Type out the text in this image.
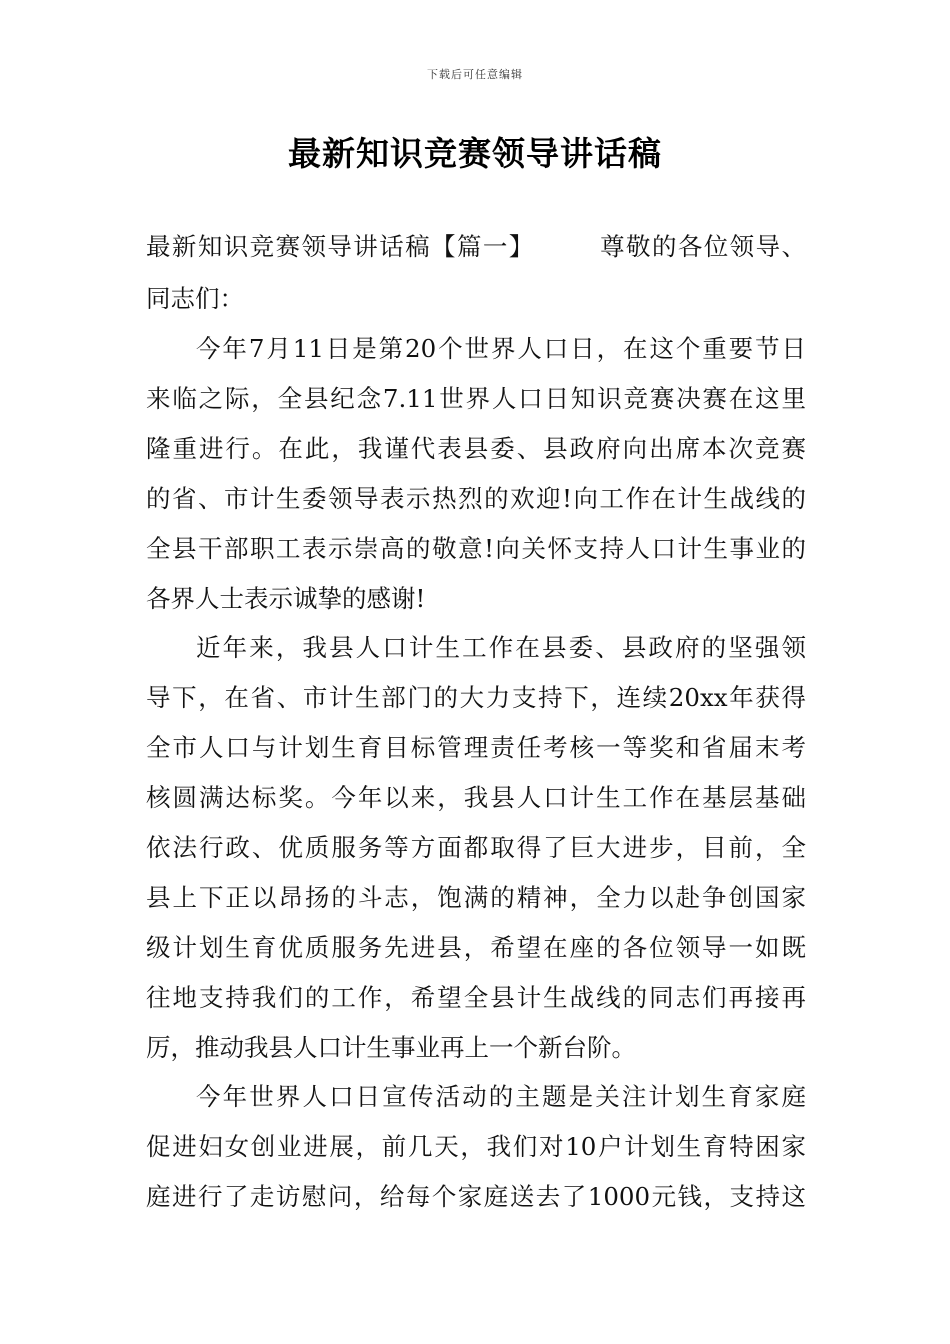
下载后可任意编辑
最新知识竞赛领导讲话稿
最新知识竞赛领导讲话稿【篇一】	尊敬的各位领导、
同志们：
今年7月11日是第20个世界人口日，在这个重要节日
来临之际，全县纪念7.11世界人口日知识竞赛决赛在这里
隆重进行。在此，我谨代表县委、县政府向出席本次竞赛
的省、市计生委领导表示热烈的欢迎!向工作在计生战线的
全县干部职工表示崇高的敬意!向关怀支持人口计生事业的
各界人士表示诚挚的感谢!
近年来，我县人口计生工作在县委、县政府的坚强领
导下，在省、市计生部门的大力支持下，连续20xx年获得
全市人口与计划生育目标管理责任考核一等奖和省届末考
核圆满达标奖。今年以来，我县人口计生工作在基层基础
依法行政、优质服务等方面都取得了巨大进步，目前，全
县上下正以昂扬的斗志，饱满的精神，全力以赴争创国家
级计划生育优质服务先进县，希望在座的各位领导一如既
往地支持我们的工作，希望全县计生战线的同志们再接再
厉，推动我县人口计生事业再上一个新台阶。
今年世界人口日宣传活动的主题是关注计划生育家庭
促进妇女创业进展，前几天，我们对10户计划生育特困家
庭进行了走访慰问，给每个家庭送去了1000元钱，支持这
